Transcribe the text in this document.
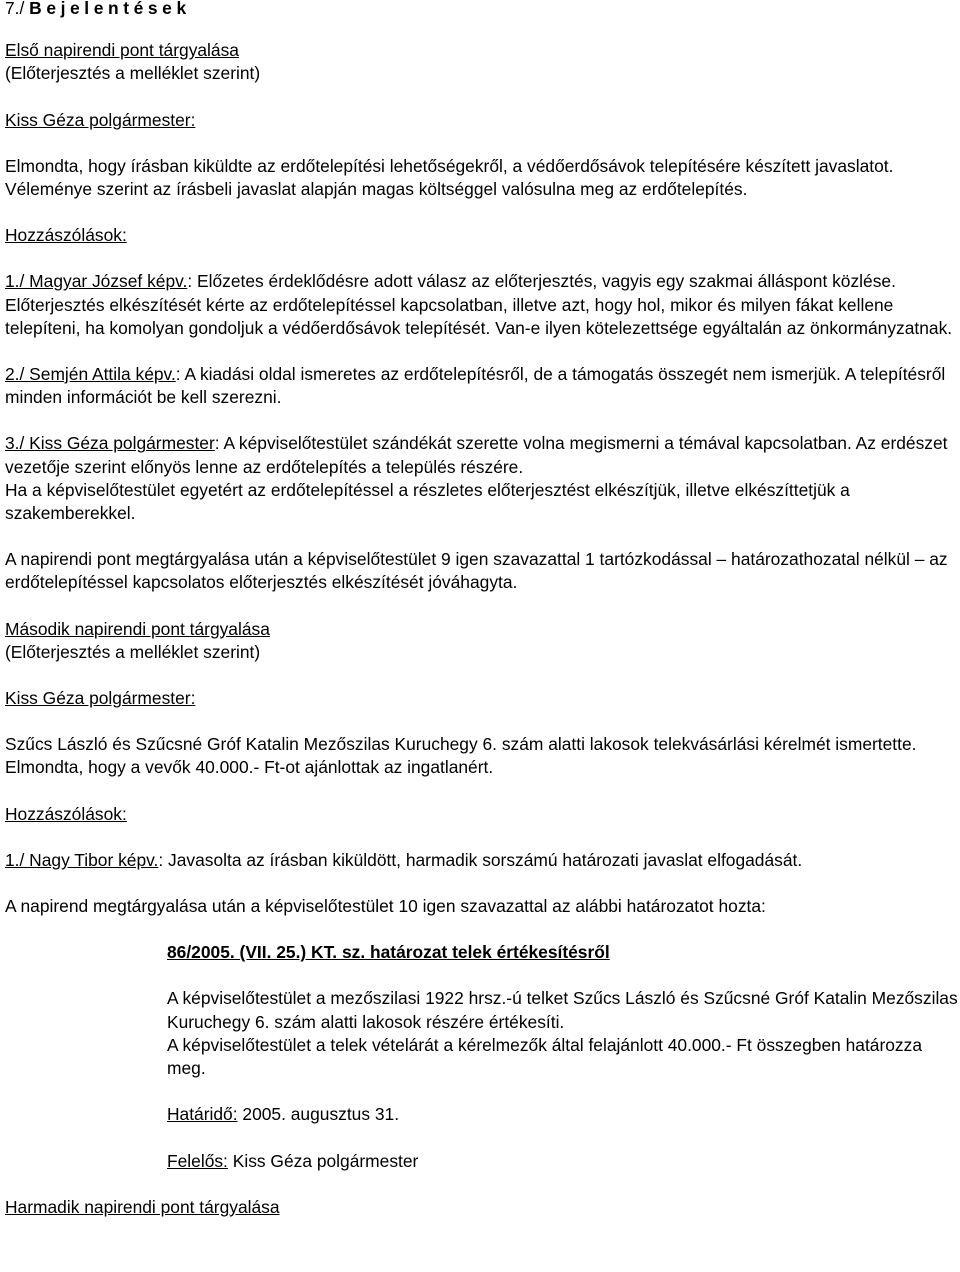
7./ Bejelentések

Első napirendi pont tárgyalása

(Előterjesztés a melléklet szerint)

Kiss Géza polgármester:

Elmondta, hogy írásban kiküldte az erdőtelepítési lehetőségekről, a védőerdősávok telepítésére készített javaslatot. Véleménye szerint az írásbeli javaslat alapján magas költséggel valósulna meg az erdőtelepítés.

Hozzászólások:

1./ Magyar József képv.: Előzetes érdeklődésre adott válasz az előterjesztés, vagyis egy szakmai álláspont közlése. Előterjesztés elkészítését kérte az erdőtelepítéssel kapcsolatban, illetve azt, hogy hol, mikor és milyen fákat kellene telepíteni, ha komolyan gondoljuk a védőerdősávok telepítését. Van-e ilyen kötelezettsége egyáltalán az önkormányzatnak.

2./ Semjén Attila képv.: A kiadási oldal ismeretes az erdőtelepítésről, de a támogatás összegét nem ismerjük. A telepítésről minden információt be kell szerezni.

3./ Kiss Géza polgármester: A képviselőtestület szándékát szerette volna megismerni a témával kapcsolatban. Az erdészet vezetője szerint előnyös lenne az erdőtelepítés a település részére.

Ha a képviselőtestület egyetért az erdőtelepítéssel a részletes előterjesztést elkészítjük, illetve elkészíttetjük a szakemberekkel.

A napirendi pont megtárgyalása után a képviselőtestület 9 igen szavazattal 1 tartózkodással – határozathozatal nélkül – az erdőtelepítéssel kapcsolatos előterjesztés elkészítését jóváhagyta.

Második napirendi pont tárgyalása

(Előterjesztés a melléklet szerint)

Kiss Géza polgármester:

Szűcs László és Szűcsné Gróf Katalin Mezőszilas Kuruchegy 6. szám alatti lakosok telekvásárlási kérelmét ismertette. Elmondta, hogy a vevők 40.000.- Ft-ot ajánlottak az ingatlanért.

Hozzászólások:

1./ Nagy Tibor képv.: Javasolta az írásban kiküldött, harmadik sorszámú határozati javaslat elfogadását.

A napirend megtárgyalása után a képviselőtestület 10 igen szavazattal az alábbi határozatot hozta:

86/2005. (VII. 25.) KT. sz. határozat telek értékesítésről

A képviselőtestület a mezőszilasi 1922 hrsz.-ú telket Szűcs László és Szűcsné Gróf Katalin Mezőszilas Kuruchegy 6. szám alatti lakosok részére értékesíti.

A képviselőtestület a telek vételárát a kérelmezők által felajánlott 40.000.- Ft összegben határozza meg.

Határidő: 2005. augusztus 31.

Felelős: Kiss Géza polgármester

Harmadik napirendi pont tárgyalása
